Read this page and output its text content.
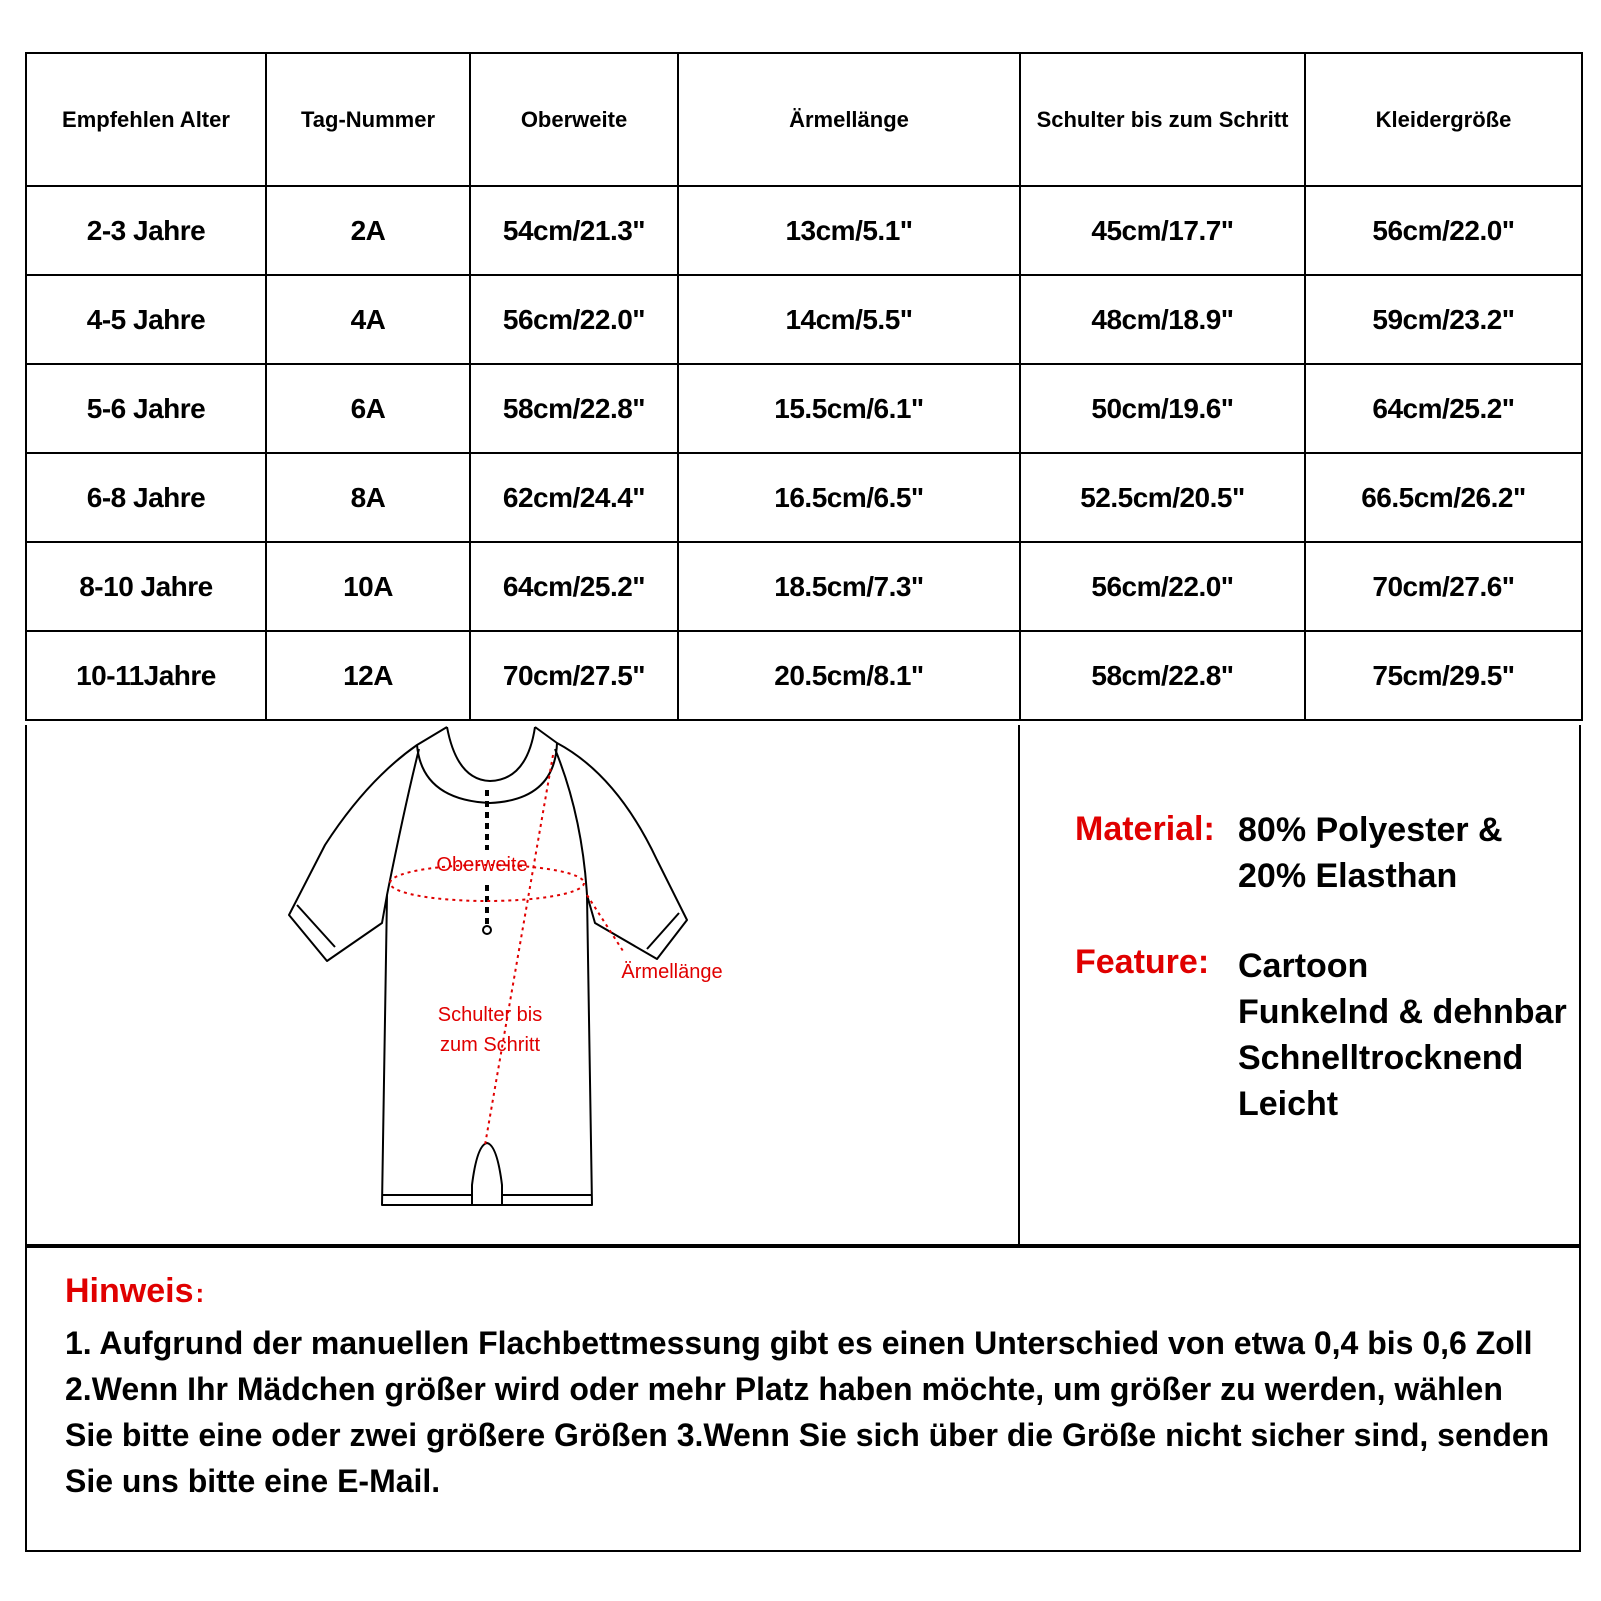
Empfehlen Alter	Tag-Nummer	Oberweite	Ärmellänge	Schulter bis zum Schritt	Kleidergröße
2-3 Jahre	2A	54cm/21.3"	13cm/5.1"	45cm/17.7"	56cm/22.0"
4-5 Jahre	4A	56cm/22.0"	14cm/5.5"	48cm/18.9"	59cm/23.2"
5-6 Jahre	6A	58cm/22.8"	15.5cm/6.1"	50cm/19.6"	64cm/25.2"
6-8 Jahre	8A	62cm/24.4"	16.5cm/6.5"	52.5cm/20.5"	66.5cm/26.2"
8-10 Jahre	10A	64cm/25.2"	18.5cm/7.3"	56cm/22.0"	70cm/27.6"
10-11Jahre	12A	70cm/27.5"	20.5cm/8.1"	58cm/22.8"	75cm/29.5"
Oberweite
Ärmellänge
Schulter bis
zum Schritt
Material: 80% Polyester &
20% Elasthan
Feature: Cartoon
Funkelnd & dehnbar
Schnelltrocknend
Leicht
Hinweis:
1. Aufgrund der manuellen Flachbettmessung gibt es einen Unterschied von etwa 0,4 bis 0,6 Zoll
2.Wenn Ihr Mädchen größer wird oder mehr Platz haben möchte, um größer zu werden, wählen
Sie bitte eine oder zwei größere Größen 3.Wenn Sie sich über die Größe nicht sicher sind, senden
Sie uns bitte eine E-Mail.
